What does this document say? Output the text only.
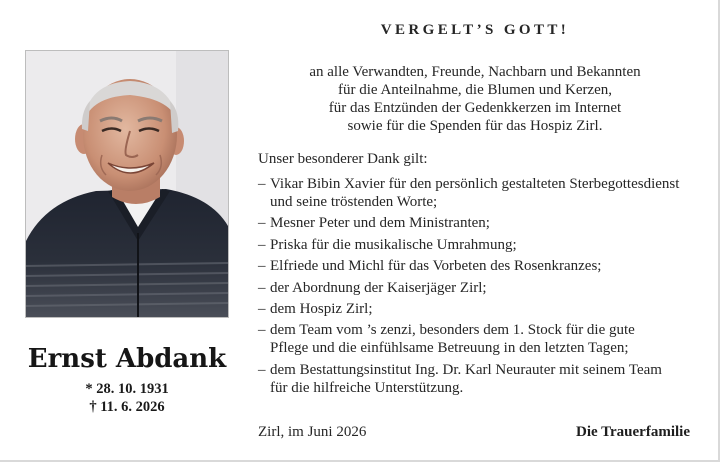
Ernst Abdank
* 28. 10. 1931
† 11. 6. 2026
VERGELT’S GOTT!
an alle Verwandten, Freunde, Nachbarn und Bekannten
für die Anteilnahme, die Blumen und Kerzen,
für das Entzünden der Gedenkkerzen im Internet
sowie für die Spenden für das Hospiz Zirl.
Unser besonderer Dank gilt:
– Vikar Bibin Xavier für den persönlich gestalteten Sterbegottesdienst
und seine tröstenden Worte;
– Mesner Peter und dem Ministranten;
– Priska für die musikalische Umrahmung;
– Elfriede und Michl für das Vorbeten des Rosenkranzes;
– der Abordnung der Kaiserjäger Zirl;
– dem Hospiz Zirl;
– dem Team vom ’s zenzi, besonders dem 1. Stock für die gute
Pflege und die einfühlsame Betreuung in den letzten Tagen;
– dem Bestattungsinstitut Ing. Dr. Karl Neurauter mit seinem Team
für die hilfreiche Unterstützung.
Zirl, im Juni 2026	Die Trauerfamilie
